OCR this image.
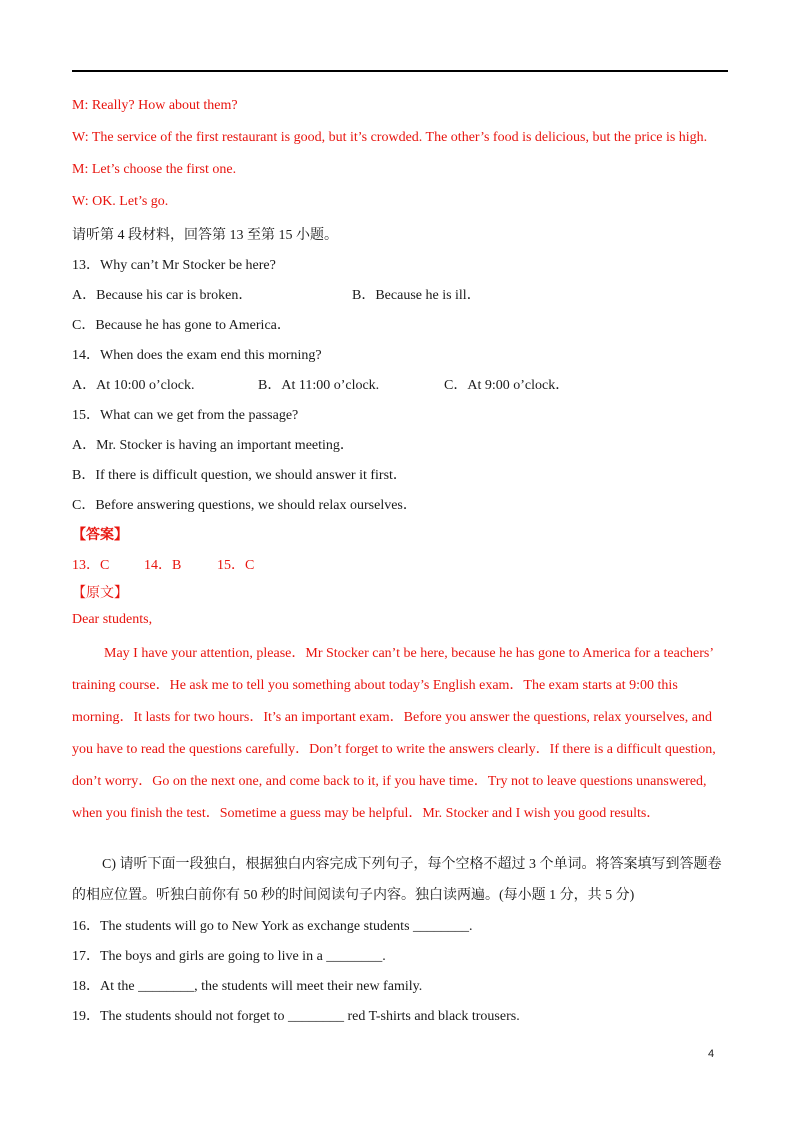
M: Really? How about them?
W: The service of the first restaurant is good, but it’s crowded. The other’s food is delicious, but the price is high.
M: Let’s choose the first one.
W: OK. Let’s go.
请听第 4 段材料，回答第 13 至第 15 小题。
13．Why can’t Mr Stocker be here?
A．Because his car is broken．	B．Because he is ill．
C．Because he has gone to America．
14．When does the exam end this morning?
A．At 10:00 o’clock.	B．At 11:00 o’clock.	C．At 9:00 o’clock．
15．What can we get from the passage?
A．Mr. Stocker is having an important meeting．
B．If there is difficult question, we should answer it first．
C．Before answering questions, we should relax ourselves．
【答案】
13．C 14．B	15．C
【原文】
Dear students,
May I have your attention, please．Mr Stocker can’t be here, because he has gone to America for a teachers’
training course．He ask me to tell you something about today’s English exam．The exam starts at 9:00 this
morning．It lasts for two hours．It’s an important exam．Before you answer the questions, relax yourselves, and
you have to read the questions carefully．Don’t forget to write the answers clearly．If there is a difficult question,
don’t worry．Go on the next one, and come back to it, if you have time．Try not to leave questions unanswered,
when you finish the test．Sometime a guess may be helpful．Mr. Stocker and I wish you good results．
C) 请听下面一段独白，根据独白内容完成下列句子，每个空格不超过 3 个单词。将答案填写到答题卷
的相应位置。听独白前你有 50 秒的时间阅读句子内容。独白读两遍。(每小题 1 分，共 5 分)
16．The students will go to New York as exchange students ________.
17．The boys and girls are going to live in a ________.
18．At the ________, the students will meet their new family.
19．The students should not forget to ________ red T-shirts and black trousers.
4
